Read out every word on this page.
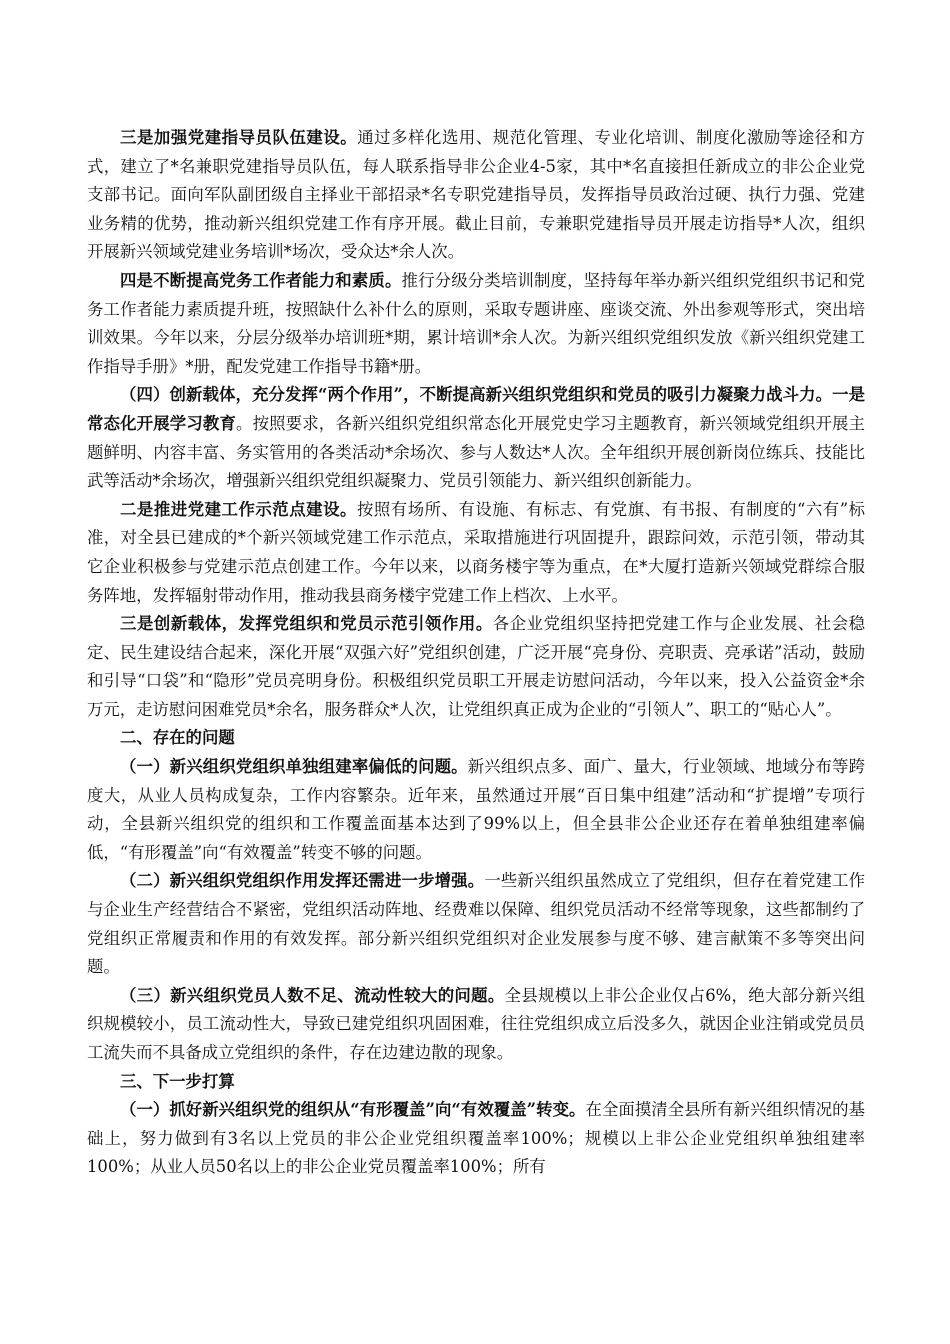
三是加强党建指导员队伍建设。通过多样化选用、规范化管理、专业化培训、制度化激励等途径和方式，建立了*名兼职党建指导员队伍，每人联系指导非公企业4-5家，其中*名直接担任新成立的非公企业党支部书记。面向军队副团级自主择业干部招录*名专职党建指导员，发挥指导员政治过硬、执行力强、党建业务精的优势，推动新兴组织党建工作有序开展。截止目前，专兼职党建指导员开展走访指导*人次，组织开展新兴领域党建业务培训*场次，受众达*余人次。

四是不断提高党务工作者能力和素质。推行分级分类培训制度，坚持每年举办新兴组织党组织书记和党务工作者能力素质提升班，按照缺什么补什么的原则，采取专题讲座、座谈交流、外出参观等形式，突出培训效果。今年以来，分层分级举办培训班*期，累计培训*余人次。为新兴组织党组织发放《新兴组织党建工作指导手册》*册，配发党建工作指导书籍*册。

（四）创新载体，充分发挥“两个作用”，不断提高新兴组织党组织和党员的吸引力凝聚力战斗力。一是常态化开展学习教育。按照要求，各新兴组织党组织常态化开展党史学习主题教育，新兴领域党组织开展主题鲜明、内容丰富、务实管用的各类活动*余场次、参与人数达*人次。全年组织开展创新岗位练兵、技能比武等活动*余场次，增强新兴组织党组织凝聚力、党员引领能力、新兴组织创新能力。

二是推进党建工作示范点建设。按照有场所、有设施、有标志、有党旗、有书报、有制度的“六有”标准，对全县已建成的*个新兴领域党建工作示范点，采取措施进行巩固提升，跟踪问效，示范引领，带动其它企业积极参与党建示范点创建工作。今年以来，以商务楼宇等为重点，在*大厦打造新兴领域党群综合服务阵地，发挥辐射带动作用，推动我县商务楼宇党建工作上档次、上水平。

三是创新载体，发挥党组织和党员示范引领作用。各企业党组织坚持把党建工作与企业发展、社会稳定、民生建设结合起来，深化开展“双强六好”党组织创建，广泛开展“亮身份、亮职责、亮承诺”活动，鼓励和引导“口袋”和“隐形”党员亮明身份。积极组织党员职工开展走访慰问活动，今年以来，投入公益资金*余万元，走访慰问困难党员*余名，服务群众*人次，让党组织真正成为企业的“引领人”、职工的“贴心人”。

二、存在的问题

（一）新兴组织党组织单独组建率偏低的问题。新兴组织点多、面广、量大，行业领域、地域分布等跨度大，从业人员构成复杂，工作内容繁杂。近年来，虽然通过开展“百日集中组建”活动和“扩提增”专项行动，全县新兴组织党的组织和工作覆盖面基本达到了99%以上，但全县非公企业还存在着单独组建率偏低，“有形覆盖”向“有效覆盖”转变不够的问题。

（二）新兴组织党组织作用发挥还需进一步增强。一些新兴组织虽然成立了党组织，但存在着党建工作与企业生产经营结合不紧密，党组织活动阵地、经费难以保障、组织党员活动不经常等现象，这些都制约了党组织正常履责和作用的有效发挥。部分新兴组织党组织对企业发展参与度不够、建言献策不多等突出问题。

（三）新兴组织党员人数不足、流动性较大的问题。全县规模以上非公企业仅占6%，绝大部分新兴组织规模较小，员工流动性大，导致已建党组织巩固困难，往往党组织成立后没多久，就因企业注销或党员员工流失而不具备成立党组织的条件，存在边建边散的现象。

三、下一步打算

（一）抓好新兴组织党的组织从“有形覆盖”向“有效覆盖”转变。在全面摸清全县所有新兴组织情况的基础上，努力做到有3名以上党员的非公企业党组织覆盖率100%；规模以上非公企业党组织单独组建率100%；从业人员50名以上的非公企业党员覆盖率100%；所有
